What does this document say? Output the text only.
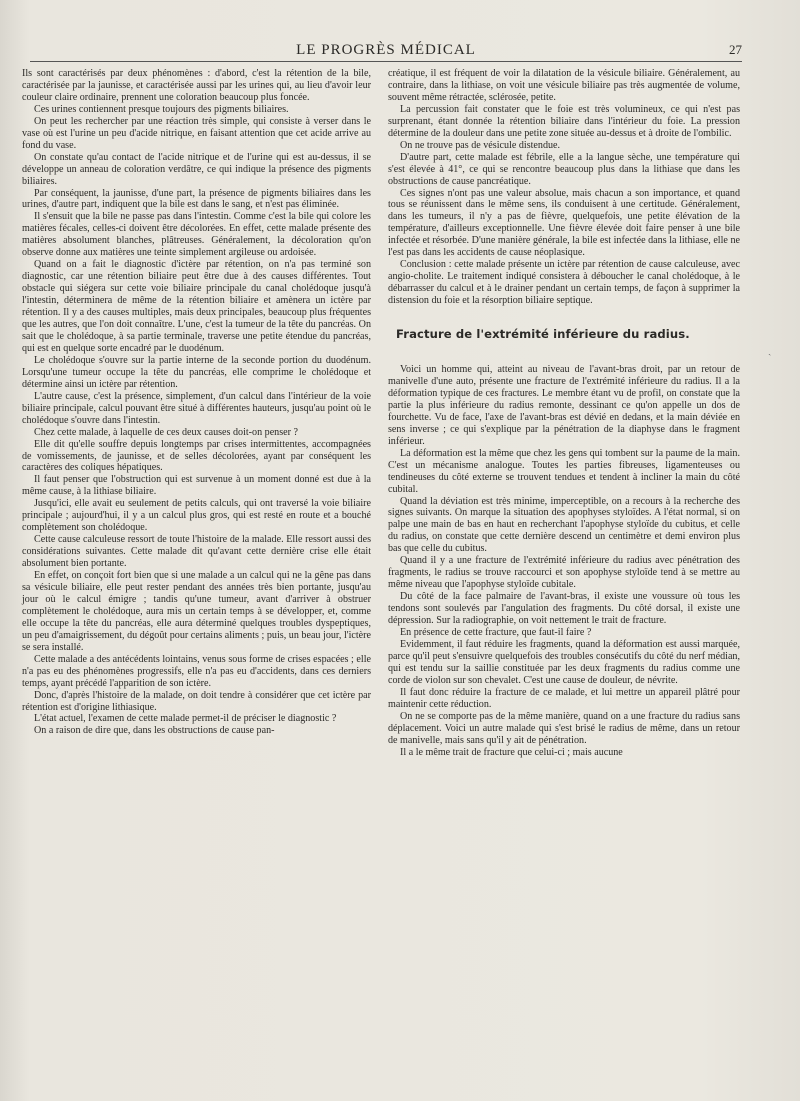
LE PROGRÈS MÉDICAL	27

Ils sont caractérisés par deux phénomènes : d'abord, c'est la rétention de la bile, caractérisée par la jaunisse, et caractérisée aussi par les urines qui, au lieu d'avoir leur couleur claire ordinaire, prennent une coloration beaucoup plus foncée.

Ces urines contiennent presque toujours des pigments biliaires.

On peut les rechercher par une réaction très simple, qui consiste à verser dans le vase où est l'urine un peu d'acide nitrique, en faisant attention que cet acide arrive au fond du vase.

On constate qu'au contact de l'acide nitrique et de l'urine qui est au-dessus, il se développe un anneau de coloration verdâtre, ce qui indique la présence des pigments biliaires.

Par conséquent, la jaunisse, d'une part, la présence de pigments biliaires dans les urines, d'autre part, indiquent que la bile est dans le sang, et n'est pas éliminée.

Il s'ensuit que la bile ne passe pas dans l'intestin. Comme c'est la bile qui colore les matières fécales, celles-ci doivent être décolorées. En effet, cette malade présente des matières absolument blanches, plâtreuses. Généralement, la décoloration qu'on observe donne aux matières une teinte simplement argileuse ou ardoisée.

Quand on a fait le diagnostic d'ictère par rétention, on n'a pas terminé son diagnostic, car une rétention biliaire peut être due à des causes différentes. Tout obstacle qui siégera sur cette voie biliaire principale du canal cholédoque jusqu'à l'intestin, déterminera de même de la rétention biliaire et amènera un ictère par rétention. Il y a des causes multiples, mais deux principales, beaucoup plus fréquentes que les autres, que l'on doit connaître. L'une, c'est la tumeur de la tête du pancréas. On sait que le cholédoque, à sa partie terminale, traverse une petite étendue du pancréas, qui est en quelque sorte encadré par le duodénum.

Le cholédoque s'ouvre sur la partie interne de la seconde portion du duodénum. Lorsqu'une tumeur occupe la tête du pancréas, elle comprime le cholédoque et détermine ainsi un ictère par rétention.

L'autre cause, c'est la présence, simplement, d'un calcul dans l'intérieur de la voie biliaire principale, calcul pouvant être situé à différentes hauteurs, jusqu'au point où le cholédoque s'ouvre dans l'intestin.

Chez cette malade, à laquelle de ces deux causes doit-on penser ?

Elle dit qu'elle souffre depuis longtemps par crises intermittentes, accompagnées de vomissements, de jaunisse, et de selles décolorées, ayant par conséquent les caractères des coliques hépatiques.

Il faut penser que l'obstruction qui est survenue à un moment donné est due à la même cause, à la lithiase biliaire.

Jusqu'ici, elle avait eu seulement de petits calculs, qui ont traversé la voie biliaire principale ; aujourd'hui, il y a un calcul plus gros, qui est resté en route et a bouché complètement son cholédoque.

Cette cause calculeuse ressort de toute l'histoire de la malade. Elle ressort aussi des considérations suivantes. Cette malade dit qu'avant cette dernière crise elle était absolument bien portante.

En effet, on conçoit fort bien que si une malade a un calcul qui ne la gêne pas dans sa vésicule biliaire, elle peut rester pendant des années très bien portante, jusqu'au jour où le calcul émigre ; tandis qu'une tumeur, avant d'arriver à obstruer complètement le cholédoque, aura mis un certain temps à se développer, et, comme elle occupe la tête du pancréas, elle aura déterminé quelques troubles dyspeptiques, un peu d'amaigrissement, du dégoût pour certains aliments ; puis, un beau jour, l'ictère se sera installé.

Cette malade a des antécédents lointains, venus sous forme de crises espacées ; elle n'a pas eu des phénomènes progressifs, elle n'a pas eu d'accidents, dans ces derniers temps, ayant précédé l'apparition de son ictère.

Donc, d'après l'histoire de la malade, on doit tendre à considérer que cet ictère par rétention est d'origine lithiasique.

L'état actuel, l'examen de cette malade permet-il de préciser le diagnostic ?

On a raison de dire que, dans les obstructions de cause pan-

créatique, il est fréquent de voir la dilatation de la vésicule biliaire. Généralement, au contraire, dans la lithiase, on voit une vésicule biliaire pas très augmentée de volume, souvent même rétractée, sclérosée, petite.

La percussion fait constater que le foie est très volumineux, ce qui n'est pas surprenant, étant donnée la rétention biliaire dans l'intérieur du foie. La pression détermine de la douleur dans une petite zone située au-dessus et à droite de l'ombilic.

On ne trouve pas de vésicule distendue.

D'autre part, cette malade est fébrile, elle a la langue sèche, une température qui s'est élevée à 41°, ce qui se rencontre beaucoup plus dans la lithiase que dans les obstructions de cause pancréatique.

Ces signes n'ont pas une valeur absolue, mais chacun a son importance, et quand tous se réunissent dans le même sens, ils conduisent à une certitude. Généralement, dans les tumeurs, il n'y a pas de fièvre, quelquefois, une petite élévation de la température, d'ailleurs exceptionnelle. Une fièvre élevée doit faire penser à une bile infectée et résorbée. D'une manière générale, la bile est infectée dans la lithiase, elle ne l'est pas dans les accidents de cause néoplasique.

Conclusion : cette malade présente un ictère par rétention de cause calculeuse, avec angio-cholite. Le traitement indiqué consistera à déboucher le canal cholédoque, à le débarrasser du calcul et à le drainer pendant un certain temps, de façon à supprimer la distension du foie et la résorption biliaire septique.

Fracture de l'extrémité inférieure du radius.

Voici un homme qui, atteint au niveau de l'avant-bras droit, par un retour de manivelle d'une auto, présente une fracture de l'extrémité inférieure du radius. Il a la déformation typique de ces fractures. Le membre étant vu de profil, on constate que la partie la plus inférieure du radius remonte, dessinant ce qu'on appelle un dos de fourchette. Vu de face, l'axe de l'avant-bras est dévié en dedans, et la main déviée en sens inverse ; ce qui s'explique par la pénétration de la diaphyse dans le fragment inférieur.

La déformation est la même que chez les gens qui tombent sur la paume de la main. C'est un mécanisme analogue. Toutes les parties fibreuses, ligamenteuses ou tendineuses du côté externe se trouvent tendues et tendent à incliner la main du côté cubital.

Quand la déviation est très minime, imperceptible, on a recours à la recherche des signes suivants. On marque la situation des apophyses styloïdes. A l'état normal, si on palpe une main de bas en haut en recherchant l'apophyse styloïde du cubitus, et celle du radius, on constate que cette dernière descend un centimètre et demi environ plus bas que celle du cubitus.

Quand il y a une fracture de l'extrémité inférieure du radius avec pénétration des fragments, le radius se trouve raccourci et son apophyse styloïde tend à se mettre au même niveau que l'apophyse styloïde cubitale.

Du côté de la face palmaire de l'avant-bras, il existe une voussure où tous les tendons sont soulevés par l'angulation des fragments. Du côté dorsal, il existe une dépression. Sur la radiographie, on voit nettement le trait de fracture.

En présence de cette fracture, que faut-il faire ?

Evidemment, il faut réduire les fragments, quand la déformation est aussi marquée, parce qu'il peut s'ensuivre quelquefois des troubles consécutifs du côté du nerf médian, qui est tendu sur la saillie constituée par les deux fragments du radius comme une corde de violon sur son chevalet. C'est une cause de douleur, de névrite.

Il faut donc réduire la fracture de ce malade, et lui mettre un appareil plâtré pour maintenir cette réduction.

On ne se comporte pas de la même manière, quand on a une fracture du radius sans déplacement. Voici un autre malade qui s'est brisé le radius de même, dans un retour de manivelle, mais sans qu'il y ait de pénétration.

Il a le même trait de fracture que celui-ci ; mais aucune

ˎ
